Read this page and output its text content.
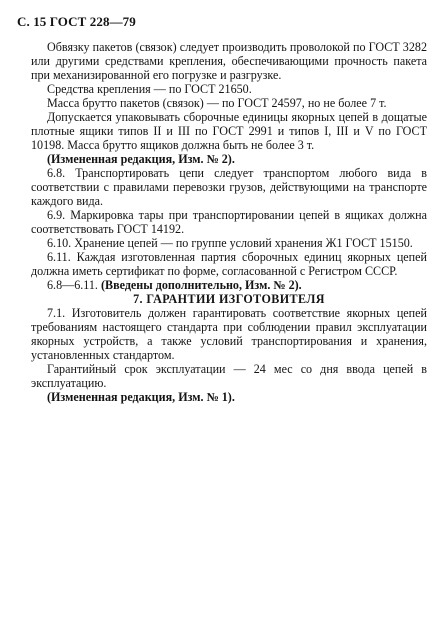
С. 15 ГОСТ 228—79

Обвязку пакетов (связок) следует производить проволокой по ГОСТ 3282 или другими средствами крепления, обеспечивающими прочность пакета при механизированной его погрузке и разгрузке.

Средства крепления — по ГОСТ 21650.

Масса брутто пакетов (связок) — по ГОСТ 24597, но не более 7 т.

Допускается упаковывать сборочные единицы якорных цепей в дощатые плотные ящики типов II и III по ГОСТ 2991 и типов I, III и V по ГОСТ 10198. Масса брутто ящиков должна быть не более 3 т.

(Измененная редакция, Изм. № 2).

6.8. Транспортировать цепи следует транспортом любого вида в соответствии с правилами перевозки грузов, действующими на транспорте каждого вида.

6.9. Маркировка тары при транспортировании цепей в ящиках должна соответствовать ГОСТ 14192.

6.10. Хранение цепей — по группе условий хранения Ж1 ГОСТ 15150.

6.11. Каждая изготовленная партия сборочных единиц якорных цепей должна иметь сертификат по форме, согласованной с Регистром СССР.

6.8—6.11. (Введены дополнительно, Изм. № 2).

7. ГАРАНТИИ ИЗГОТОВИТЕЛЯ

7.1. Изготовитель должен гарантировать соответствие якорных цепей требованиям настоящего стандарта при соблюдении правил эксплуатации якорных устройств, а также условий транспортирования и хранения, установленных стандартом.

Гарантийный срок эксплуатации — 24 мес со дня ввода цепей в эксплуатацию.

(Измененная редакция, Изм. № 1).
